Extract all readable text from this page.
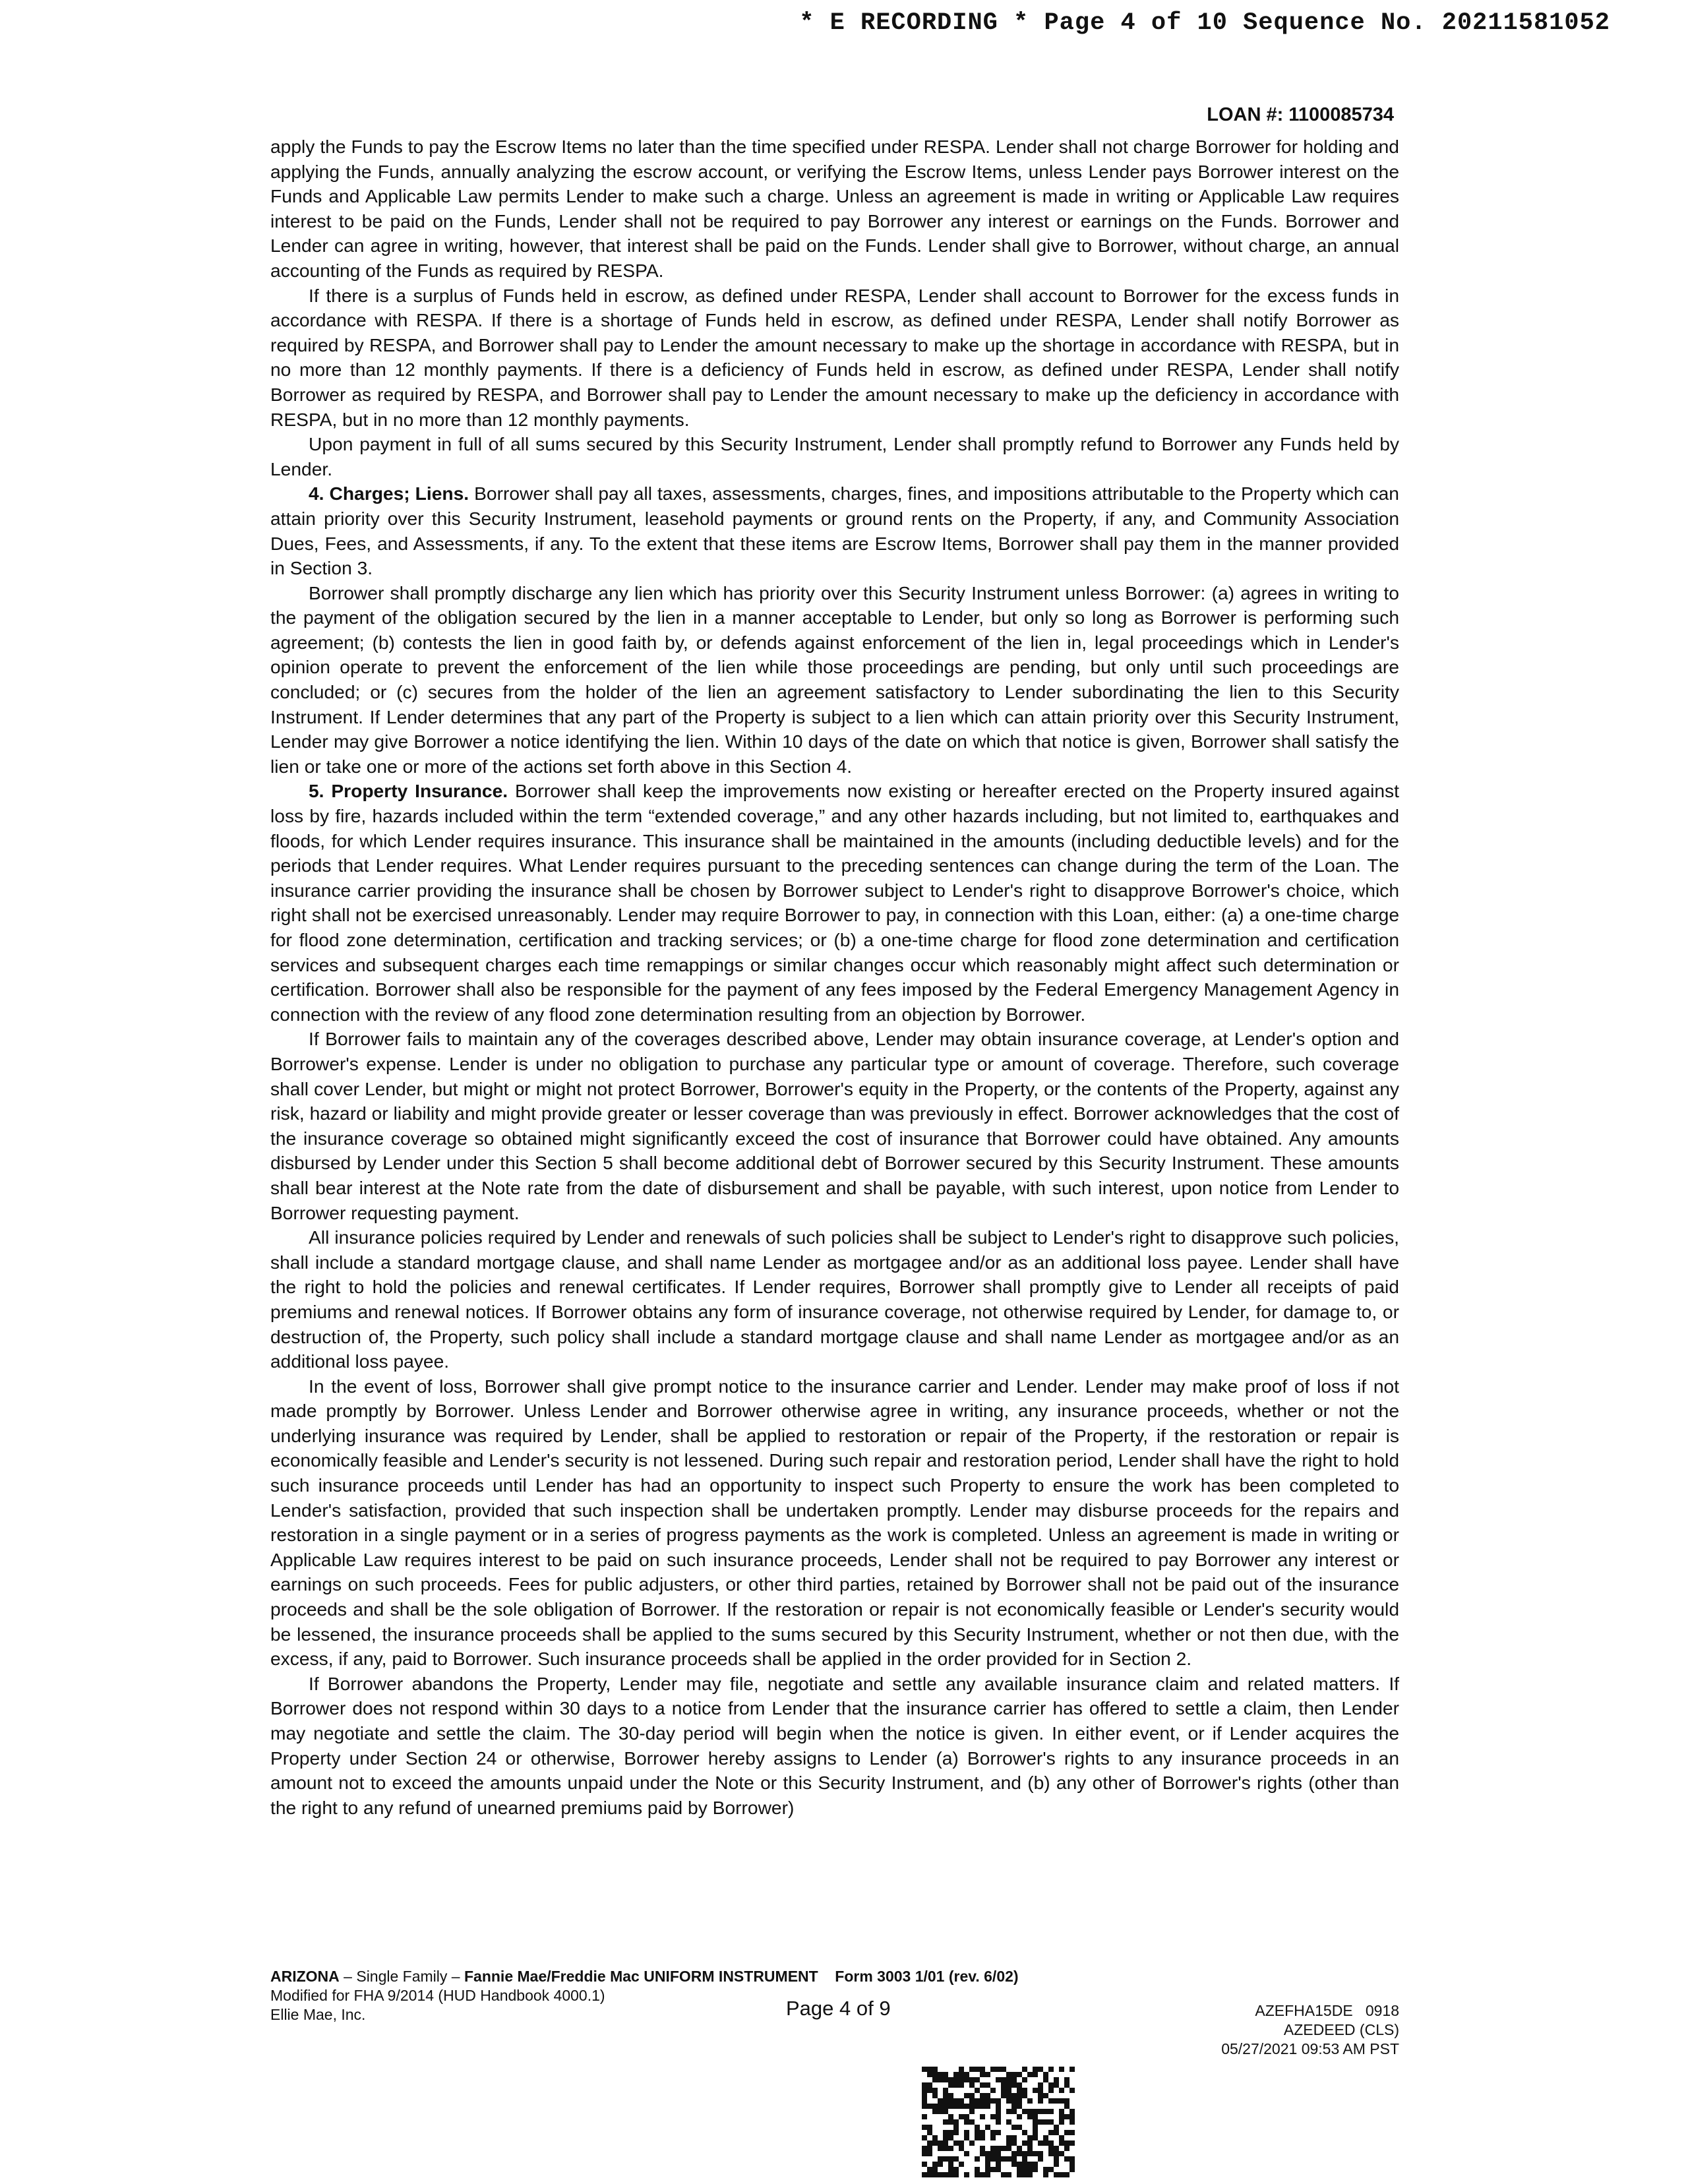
* E RECORDING * Page 4 of 10 Sequence No. 20211581052
LOAN #: 1100085734

apply the Funds to pay the Escrow Items no later than the time specified under RESPA. Lender shall not charge Borrower for holding and applying the Funds, annually analyzing the escrow account, or verifying the Escrow Items, unless Lender pays Borrower interest on the Funds and Applicable Law permits Lender to make such a charge. Unless an agreement is made in writing or Applicable Law requires interest to be paid on the Funds, Lender shall not be required to pay Borrower any interest or earnings on the Funds. Borrower and Lender can agree in writing, however, that interest shall be paid on the Funds. Lender shall give to Borrower, without charge, an annual accounting of the Funds as required by RESPA.

If there is a surplus of Funds held in escrow, as defined under RESPA, Lender shall account to Borrower for the excess funds in accordance with RESPA. If there is a shortage of Funds held in escrow, as defined under RESPA, Lender shall notify Borrower as required by RESPA, and Borrower shall pay to Lender the amount necessary to make up the shortage in accordance with RESPA, but in no more than 12 monthly payments. If there is a deficiency of Funds held in escrow, as defined under RESPA, Lender shall notify Borrower as required by RESPA, and Borrower shall pay to Lender the amount necessary to make up the deficiency in accordance with RESPA, but in no more than 12 monthly payments.

Upon payment in full of all sums secured by this Security Instrument, Lender shall promptly refund to Borrower any Funds held by Lender.

4. Charges; Liens. Borrower shall pay all taxes, assessments, charges, fines, and impositions attributable to the Property which can attain priority over this Security Instrument, leasehold payments or ground rents on the Property, if any, and Community Association Dues, Fees, and Assessments, if any. To the extent that these items are Escrow Items, Borrower shall pay them in the manner provided in Section 3.

Borrower shall promptly discharge any lien which has priority over this Security Instrument unless Borrower: (a) agrees in writing to the payment of the obligation secured by the lien in a manner acceptable to Lender, but only so long as Borrower is performing such agreement; (b) contests the lien in good faith by, or defends against enforcement of the lien in, legal proceedings which in Lender's opinion operate to prevent the enforcement of the lien while those proceedings are pending, but only until such proceedings are concluded; or (c) secures from the holder of the lien an agreement satisfactory to Lender subordinating the lien to this Security Instrument. If Lender determines that any part of the Property is subject to a lien which can attain priority over this Security Instrument, Lender may give Borrower a notice identifying the lien. Within 10 days of the date on which that notice is given, Borrower shall satisfy the lien or take one or more of the actions set forth above in this Section 4.

5. Property Insurance. Borrower shall keep the improvements now existing or hereafter erected on the Property insured against loss by fire, hazards included within the term “extended coverage,” and any other hazards including, but not limited to, earthquakes and floods, for which Lender requires insurance. This insurance shall be maintained in the amounts (including deductible levels) and for the periods that Lender requires. What Lender requires pursuant to the preceding sentences can change during the term of the Loan. The insurance carrier providing the insurance shall be chosen by Borrower subject to Lender's right to disapprove Borrower's choice, which right shall not be exercised unreasonably. Lender may require Borrower to pay, in connection with this Loan, either: (a) a one-time charge for flood zone determination, certification and tracking services; or (b) a one-time charge for flood zone determination and certification services and subsequent charges each time remappings or similar changes occur which reasonably might affect such determination or certification. Borrower shall also be responsible for the payment of any fees imposed by the Federal Emergency Management Agency in connection with the review of any flood zone determination resulting from an objection by Borrower.

If Borrower fails to maintain any of the coverages described above, Lender may obtain insurance coverage, at Lender's option and Borrower's expense. Lender is under no obligation to purchase any particular type or amount of coverage. Therefore, such coverage shall cover Lender, but might or might not protect Borrower, Borrower's equity in the Property, or the contents of the Property, against any risk, hazard or liability and might provide greater or lesser coverage than was previously in effect. Borrower acknowledges that the cost of the insurance coverage so obtained might significantly exceed the cost of insurance that Borrower could have obtained. Any amounts disbursed by Lender under this Section 5 shall become additional debt of Borrower secured by this Security Instrument. These amounts shall bear interest at the Note rate from the date of disbursement and shall be payable, with such interest, upon notice from Lender to Borrower requesting payment.

All insurance policies required by Lender and renewals of such policies shall be subject to Lender's right to disapprove such policies, shall include a standard mortgage clause, and shall name Lender as mortgagee and/or as an additional loss payee. Lender shall have the right to hold the policies and renewal certificates. If Lender requires, Borrower shall promptly give to Lender all receipts of paid premiums and renewal notices. If Borrower obtains any form of insurance coverage, not otherwise required by Lender, for damage to, or destruction of, the Property, such policy shall include a standard mortgage clause and shall name Lender as mortgagee and/or as an additional loss payee.

In the event of loss, Borrower shall give prompt notice to the insurance carrier and Lender. Lender may make proof of loss if not made promptly by Borrower. Unless Lender and Borrower otherwise agree in writing, any insurance proceeds, whether or not the underlying insurance was required by Lender, shall be applied to restoration or repair of the Property, if the restoration or repair is economically feasible and Lender's security is not lessened. During such repair and restoration period, Lender shall have the right to hold such insurance proceeds until Lender has had an opportunity to inspect such Property to ensure the work has been completed to Lender's satisfaction, provided that such inspection shall be undertaken promptly. Lender may disburse proceeds for the repairs and restoration in a single payment or in a series of progress payments as the work is completed. Unless an agreement is made in writing or Applicable Law requires interest to be paid on such insurance proceeds, Lender shall not be required to pay Borrower any interest or earnings on such proceeds. Fees for public adjusters, or other third parties, retained by Borrower shall not be paid out of the insurance proceeds and shall be the sole obligation of Borrower. If the restoration or repair is not economically feasible or Lender's security would be lessened, the insurance proceeds shall be applied to the sums secured by this Security Instrument, whether or not then due, with the excess, if any, paid to Borrower. Such insurance proceeds shall be applied in the order provided for in Section 2.

If Borrower abandons the Property, Lender may file, negotiate and settle any available insurance claim and related matters. If Borrower does not respond within 30 days to a notice from Lender that the insurance carrier has offered to settle a claim, then Lender may negotiate and settle the claim. The 30-day period will begin when the notice is given. In either event, or if Lender acquires the Property under Section 24 or otherwise, Borrower hereby assigns to Lender (a) Borrower's rights to any insurance proceeds in an amount not to exceed the amounts unpaid under the Note or this Security Instrument, and (b) any other of Borrower's rights (other than the right to any refund of unearned premiums paid by Borrower)

ARIZONA – Single Family – Fannie Mae/Freddie Mac UNIFORM INSTRUMENT Form 3003 1/01 (rev. 6/02)
Modified for FHA 9/2014 (HUD Handbook 4000.1)
Ellie Mae, Inc.	Page 4 of 9	AZEFHA15DE   0918
AZEDEED (CLS)
05/27/2021 09:53 AM PST
